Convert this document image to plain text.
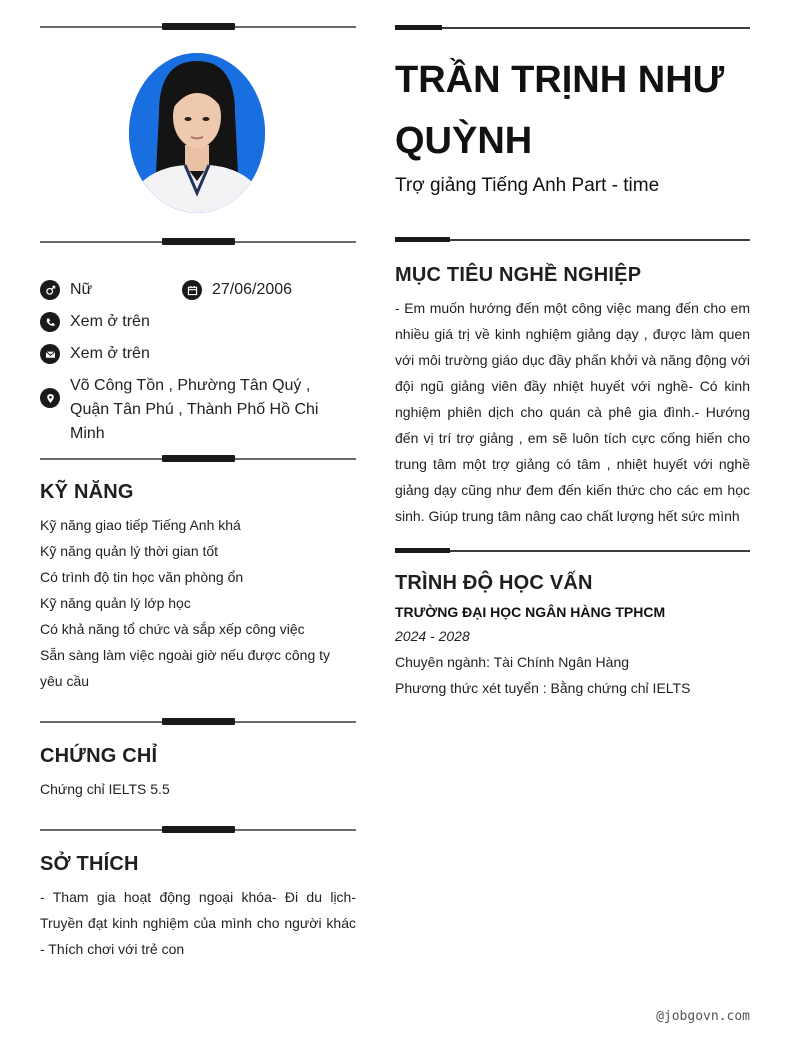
Nữ	27/06/2006
Xem ở trên
Xem ở trên
Võ Công Tồn , Phường Tân Quý , Quận Tân Phú , Thành Phố Hồ Chi Minh
KỸ NĂNG
Kỹ năng giao tiếp Tiếng Anh khá
Kỹ năng quản lý thời gian tốt
Có trình độ tin học văn phòng ổn
Kỹ năng quản lý lớp học
Có khả năng tổ chức và sắp xếp công việc
Sẵn sàng làm việc ngoài giờ nếu được công ty yêu cầu
CHỨNG CHỈ
Chứng chỉ IELTS 5.5
SỞ THÍCH
- Tham gia hoạt động ngoại khóa- Đi du lịch- Truyền đạt kinh nghiệm của mình cho người khác - Thích chơi với trẻ con
TRẦN TRỊNH NHƯ QUỲNH
Trợ giảng Tiếng Anh Part - time
MỤC TIÊU NGHỀ NGHIỆP
- Em muốn hướng đến một công việc mang đến cho em nhiều giá trị về kinh nghiệm giảng dạy , được làm quen với môi trường giáo dục đầy phấn khởi và năng động với đội ngũ giảng viên đầy nhiệt huyết với nghề- Có kinh nghiệm phiên dịch cho quán cà phê gia đình.- Hướng đến vị trí trợ giảng , em sẽ luôn tích cực cống hiến cho trung tâm một trợ giảng có tâm , nhiệt huyết với nghề giảng dạy cũng như đem đến kiến thức cho các em học sinh. Giúp trung tâm nâng cao chất lượng hết sức mình
TRÌNH ĐỘ HỌC VẤN
TRƯỜNG ĐẠI HỌC NGÂN HÀNG TPHCM
2024 - 2028
Chuyên ngành: Tài Chính Ngân Hàng
Phương thức xét tuyển : Bằng chứng chỉ IELTS
@jobgovn.com
